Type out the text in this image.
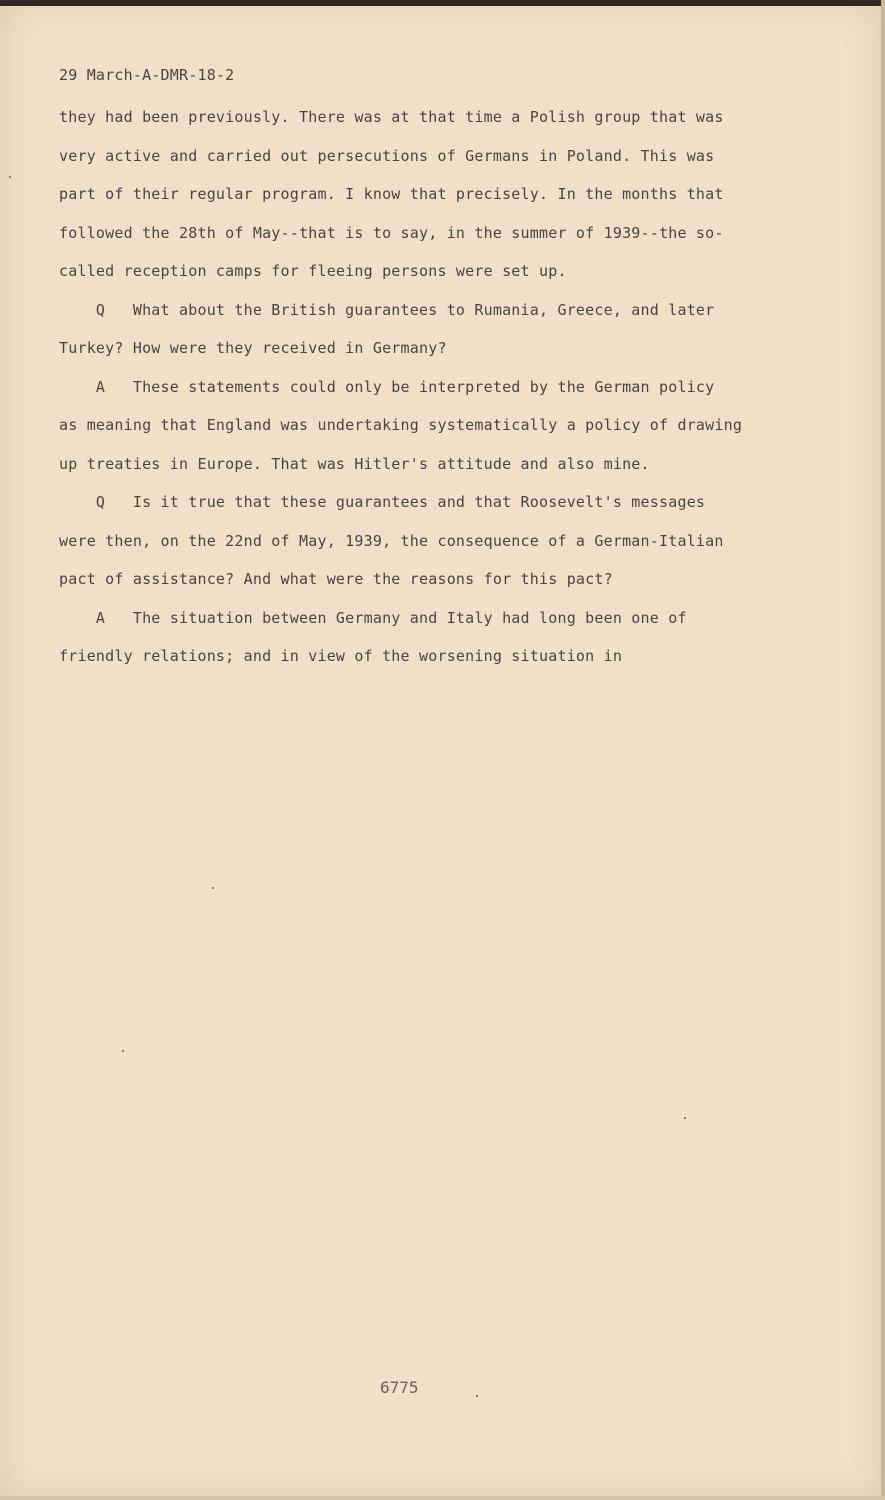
29 March-A-DMR-18-2
they had been previously. There was at that time a Polish group that was
very active and carried out persecutions of Germans in Poland. This was
part of their regular program. I know that precisely. In the months that
followed the 28th of May--that is to say, in the summer of 1939--the so-
called reception camps for fleeing persons were set up.
Q   What about the British guarantees to Rumania, Greece, and later
Turkey? How were they received in Germany?
A   These statements could only be interpreted by the German policy
as meaning that England was undertaking systematically a policy of drawing
up treaties in Europe. That was Hitler's attitude and also mine.
Q   Is it true that these guarantees and that Roosevelt's messages
were then, on the 22nd of May, 1939, the consequence of a German-Italian
pact of assistance? And what were the reasons for this pact?
A   The situation between Germany and Italy had long been one of
friendly relations; and in view of the worsening situation in
6775
